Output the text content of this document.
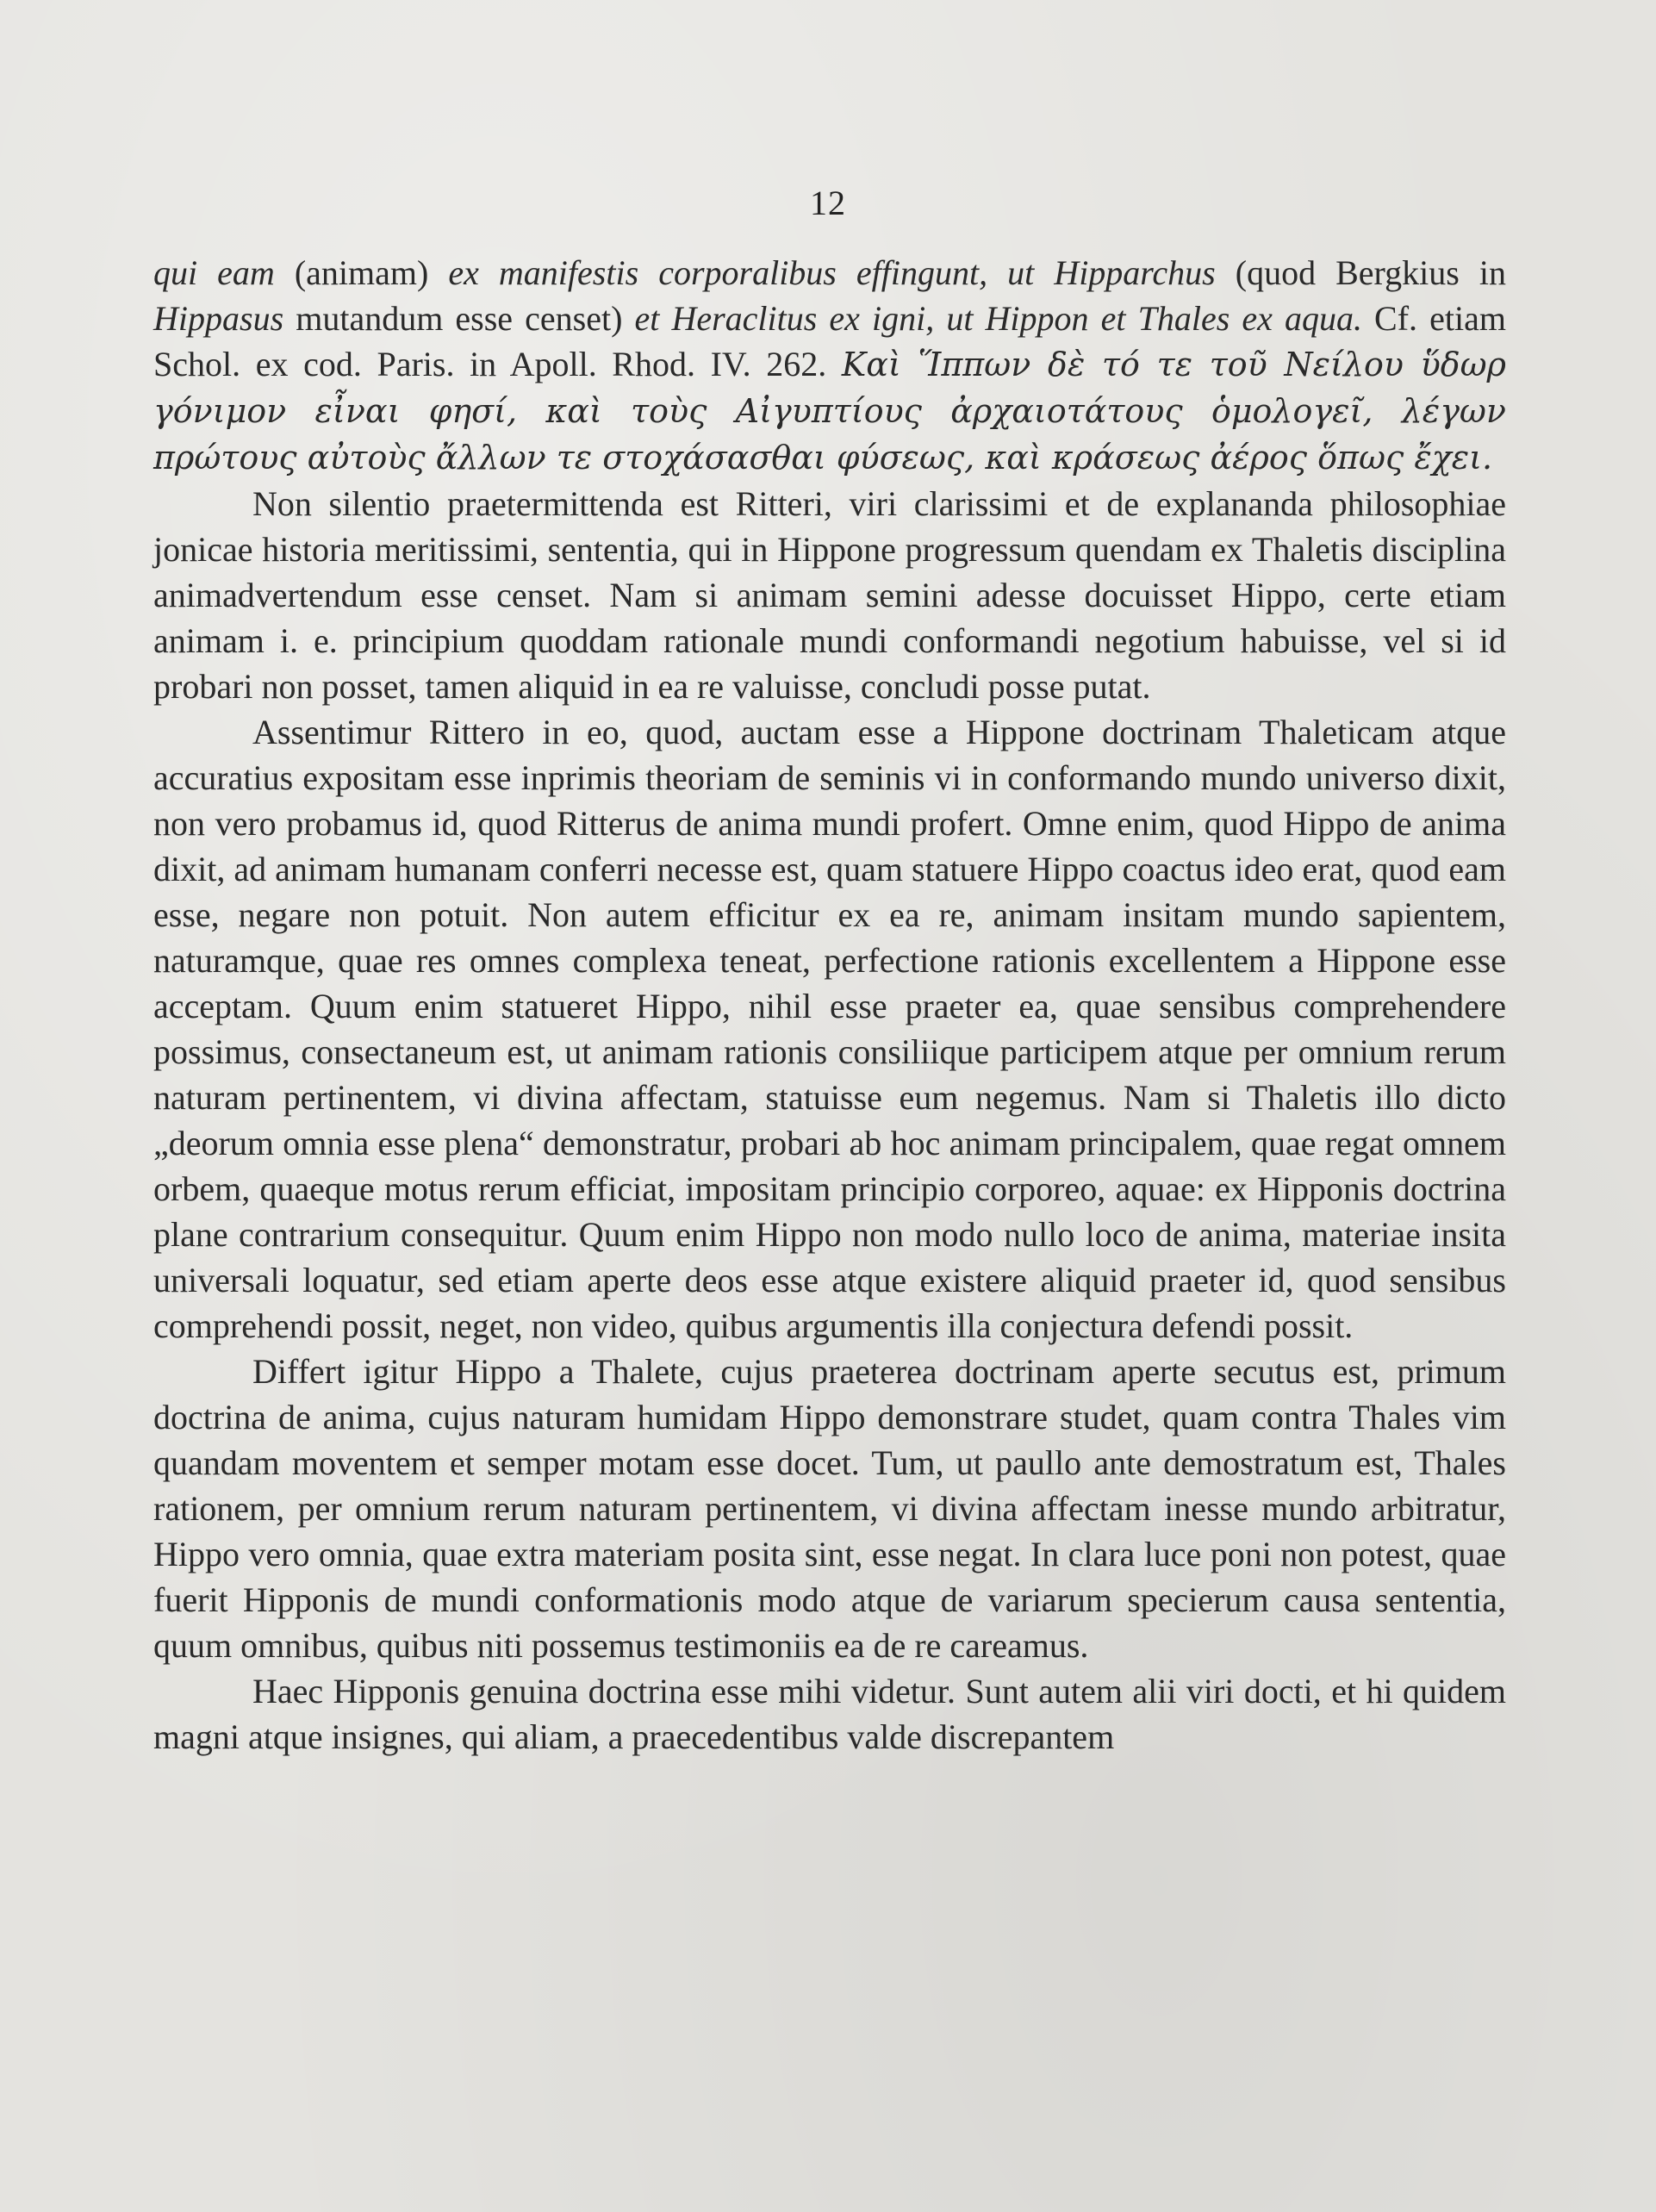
12

qui eam (animam) ex manifestis corporalibus effingunt, ut Hipparchus (quod Bergkius in Hippasus mutandum esse censet) et Heraclitus ex igni, ut Hippon et Thales ex aqua. Cf. etiam Schol. ex cod. Paris. in Apoll. Rhod. IV. 262. Καὶ Ἵππων δὲ τό τε τοῦ Νείλου ὕδωρ γόνιμον εἶναι φησί, καὶ τοὺς Αἰγυπτίους ἀρχαιοτάτους ὁμολογεῖ, λέγων πρώτους αὐτοὺς ἄλλων τε στοχάσασθαι φύσεως, καὶ κράσεως ἀέρος ὅπως ἔχει.

Non silentio praetermittenda est Ritteri, viri clarissimi et de explananda philosophiae jonicae historia meritissimi, sententia, qui in Hippone progressum quendam ex Thaletis disciplina animadvertendum esse censet. Nam si animam semini adesse docuisset Hippo, certe etiam animam i. e. principium quoddam rationale mundi conformandi negotium habuisse, vel si id probari non posset, tamen aliquid in ea re valuisse, concludi posse putat.

Assentimur Rittero in eo, quod, auctam esse a Hippone doctrinam Thaleticam atque accuratius expositam esse inprimis theoriam de seminis vi in conformando mundo universo dixit, non vero probamus id, quod Ritterus de anima mundi profert. Omne enim, quod Hippo de anima dixit, ad animam humanam conferri necesse est, quam statuere Hippo coactus ideo erat, quod eam esse, negare non potuit. Non autem efficitur ex ea re, animam insitam mundo sapientem, naturamque, quae res omnes complexa teneat, perfectione rationis excellentem a Hippone esse acceptam. Quum enim statueret Hippo, nihil esse praeter ea, quae sensibus comprehendere possimus, consectaneum est, ut animam rationis consiliique participem atque per omnium rerum naturam pertinentem, vi divina affectam, statuisse eum negemus. Nam si Thaletis illo dicto „deorum omnia esse plena“ demonstratur, probari ab hoc animam principalem, quae regat omnem orbem, quaeque motus rerum efficiat, impositam principio corporeo, aquae: ex Hipponis doctrina plane contrarium consequitur. Quum enim Hippo non modo nullo loco de anima, materiae insita universali loquatur, sed etiam aperte deos esse atque existere aliquid praeter id, quod sensibus comprehendi possit, neget, non video, quibus argumentis illa conjectura defendi possit.

Differt igitur Hippo a Thalete, cujus praeterea doctrinam aperte secutus est, primum doctrina de anima, cujus naturam humidam Hippo demonstrare studet, quam contra Thales vim quandam moventem et semper motam esse docet. Tum, ut paullo ante demostratum est, Thales rationem, per omnium rerum naturam pertinentem, vi divina affectam inesse mundo arbitratur, Hippo vero omnia, quae extra materiam posita sint, esse negat. In clara luce poni non potest, quae fuerit Hipponis de mundi conformationis modo atque de variarum specierum causa sententia, quum omnibus, quibus niti possemus testimoniis ea de re careamus.

Haec Hipponis genuina doctrina esse mihi videtur. Sunt autem alii viri docti, et hi quidem magni atque insignes, qui aliam, a praecedentibus valde discrepantem
